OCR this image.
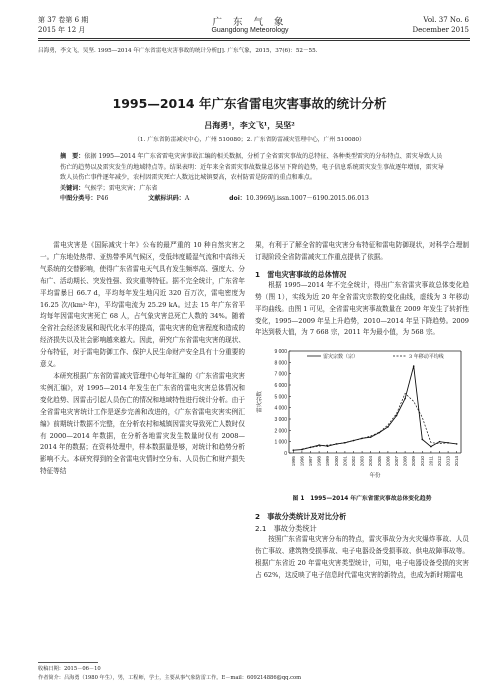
第 37 卷第 6 期
2015 年 12 月
广 东 气 象
Guangdong Meteorology
Vol. 37 No. 6
December 2015
吕海勇，李文飞，吴坚. 1995—2014 年广东省雷电灾害事故的统计分析[J]. 广东气象，2015，37(6)：52－55.
1995—2014 年广东省雷电灾害事故的统计分析
吕海勇¹，李文飞¹，吴坚²
（1. 广东省防雷减灾中心，广州 510080；2. 广东省防雷减灾管理中心，广州 510080）
摘　要：依据 1995—2014 年广东省雷电灾害事故汇编的相关数据，分析了全省雷灾事故的总特征、各种类型雷灾的分布特点、雷灾导致人员伤亡的趋势以及雷灾发生的地域特点等。结果表明：近年来全省雷灾事故数量总体呈下降的趋势，电子信息系统雷灾发生事故逐年增加，雷灾导致人员伤亡事件逐年减少，农村因雷灾死亡人数远比城镇要高，农村防雷是防雷的重点和难点。
关键词：气候学；雷电灾害；广东省
中图分类号：P46	文献标识码：A	doi：10.3969/j.issn.1007－6190.2015.06.013
雷电灾害是《国际减灾十年》公布的最严重的 10 种自然灾害之一。广东地处热带、亚热带季风气候区，受低纬度暖湿气流和中高纬天气系统的交替影响，使得广东省雷电天气具有发生频率高、强度大、分布广、活动期长、突发性强、致灾重等特征。据不完全统计，广东省年平均雷暴日 66.7 d，平均每年发生地闪近 320 百万次，雷电密度为 16.25 次/(km²·年)，平均雷电流为 25.29 kA。过去 15 年广东省平均每年因雷电灾害死亡 68 人，占气象灾害总死亡人数的 34%。随着全省社会经济发展和现代化水平的提高，雷电灾害的危害程度和造成的经济损失以及社会影响越来越大。因此，研究广东省雷电灾害的现状、分布特征，对于雷电防御工作、保护人民生命财产安全具有十分重要的意义。
本研究根据广东省防雷减灾管理中心每年汇编的《广东省雷电灾害实例汇编》，对 1995—2014 年发生在广东省的雷电灾害总体情况和变化趋势、因雷击引起人员伤亡的情况和地域特性进行统计分析。由于全省雷电灾害统计工作是逐步完善和改进的，《广东省雷电灾害实例汇编》前期统计数据不完整，在分析农村和城镇因雷灾导致死亡人数时仅有 2000—2014 年数据，在分析各地雷灾发生数量时仅有 2008—2014 年的数据；在资料处理中，样本数据量是够，对统计和趋势分析影响不大。本研究得到的全省雷电灾情时空分布、人员伤亡和财产损失特征等结
果，有利于了解全省的雷电灾害分布特征和雷电防御现状，对科学合理制订现阶段全省防雷减灾工作重点提供了依据。
1　雷电灾害事故的总体情况
根据 1995—2014 年不完全统计，得出广东省雷灾事故总体变化趋势（图 1），实线为近 20 年全省雷灾宗数的变化曲线，虚线为 3 年移动平均曲线。由图 1 可见，全省雷电灾害事故数量在 2009 年发生了转折性变化，1995—2009 年呈上升趋势，2010—2014 年呈下降趋势。2009 年达到极大值，为 7 668 宗，2011 年为最小值，为 568 宗。
9 000
8 000
7 000
6 000
5 000
4 000
3 000
2 000
1 000
0
1995 1996 1997 1998 1999 2000 2001 2002 2003 2004 2005 2006 2007 2008 2009 2010 2011 2012 2013 2014
雷灾宗数
年份
雷灾宗数（宗）	3 年移动平均线
图 1　1995—2014 年广东省雷灾事故总体变化趋势
2　事故分类统计及对比分析
2.1　事故分类统计
按照广东省雷电灾害分布的特点，雷灾事故分为火灾爆炸事故、人员伤亡事故、建筑物受损事故、电子电器设备受损事故、供电故障事故等。根据广东省近 20 年雷电灾害类型统计，可知，电子电器设备受损的灾害占 62%，这反映了电子信息时代雷电灾害的新特点，也成为新时期雷电
收稿日期：2015－06－10
作者简介：吕海勇（1980 年生），男，工程师，学士，主要从事气象防雷工作。E－mail：609214886@qq.com
